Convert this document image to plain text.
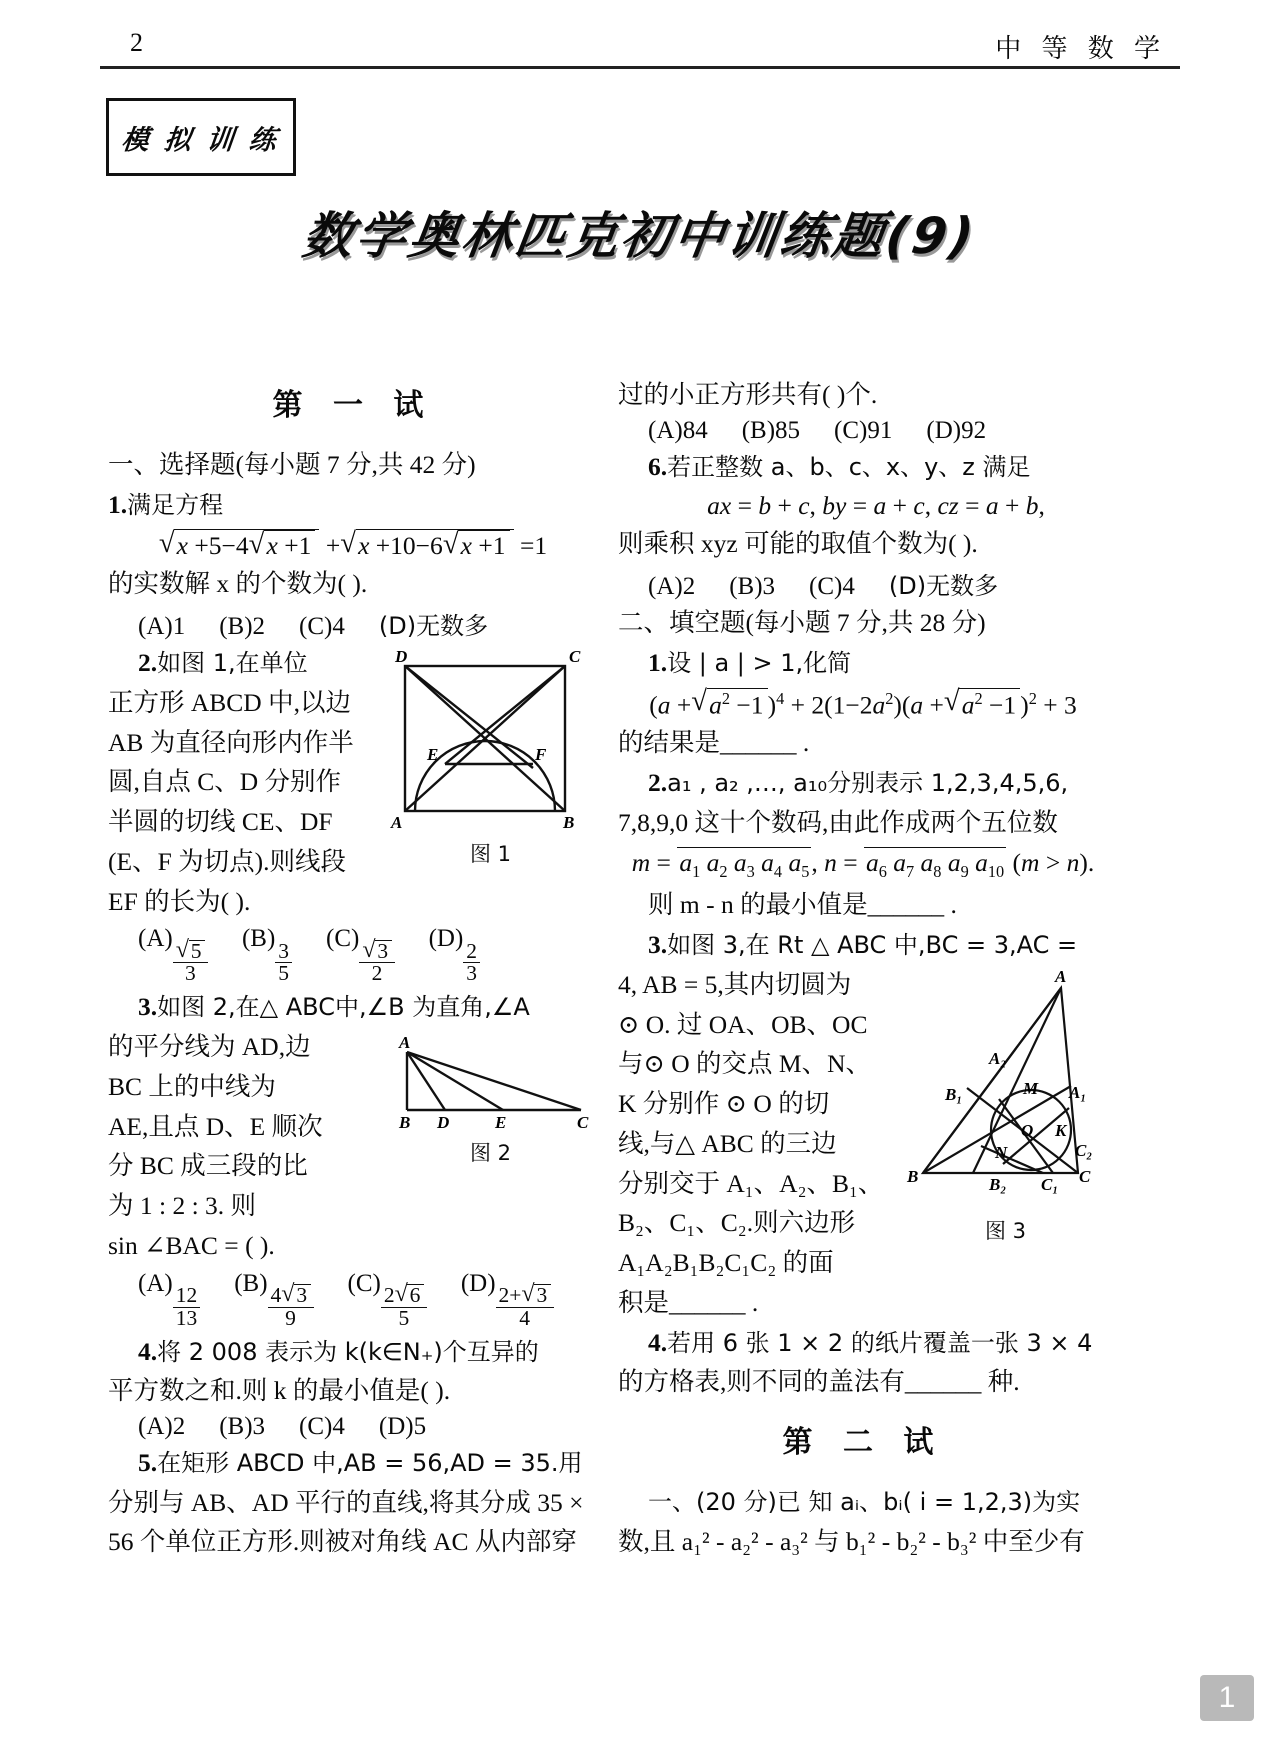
2	中 等 数 学
模 拟 训 练
数学奥林匹克初中训练题(9)
第 一 试

一、选择题(每小题 7 分,共 42 分)

1.满足方程

√ x +5−4 √ x +1 + √ x +10−6 √ x +1 =1

的实数解 x 的个数为( ).

(A)1 (B)2 (C)4 (D)无数多
D	C
A	B
E	F
图 1

2.如图 1,在单位

正方形 ABCD 中,以边

AB 为直径向形内作半

圆,自点 C、D 分别作

半圆的切线 CE、DF

(E、F 为切点).则线段

EF 的长为( ).

(A)
√ $\frac{5}{3}$
(B)
$\frac{3}{5}$
(C)
√ $\frac{3}{2}$
(D)
$\frac{2}{3}$

3.如图 2,在△ ABC中,∠B 为直角,∠A

A
B D	E	C
图 2

的平分线为 AD,边

BC 上的中线为

AE,且点 D、E 顺次

分 BC 成三段的比

为 1 : 2 : 3. 则

sin ∠BAC = ( ).

(A)
$\frac{12}{13}$
(B)
$\frac{4 √ 3}{9}$
(C)
$\frac{2 √ 6}{5}$
(D)
$\frac{2+ √ 3}{4}$

4.将 2 008 表示为 k(k∈N₊)个互异的

平方数之和.则 k 的最小值是( ).

(A)2 (B)3 (C)4 (D)5

5.在矩形 ABCD 中,AB = 56,AD = 35.用

分别与 AB、AD 平行的直线,将其分成 35 ×

56 个单位正方形.则被对角线 AC 从内部穿

过的小正方形共有( )个.

(A)84 (B)85 (C)91 (D)92

6.若正整数 a、b、c、x、y、z 满足

ax = b + c, by = a + c, cz = a + b,

则乘积 xyz 可能的取值个数为( ).

(A)2 (B)3 (C)4 (D)无数多

二、填空题(每小题 7 分,共 28 分)

1.设 | a | > 1,化简

(a + √ $a^2 -1$ )$^4 + 2(1-2a^2)(a$ + √ $a^2 -1$ )$^2$ + 3

的结果是______ .

2.a₁ , a₂ ,…, a₁₀分别表示 1,2,3,4,5,6,

7,8,9,0 这十个数码,由此作成两个五位数

$m = a_1$ $a_2$ $a_3$ $a_4$ $a_5$, $n = a_6$ $a_7$ $a_8$ $a_9$ $a_{10}$ (m > n).

则 m - n 的最小值是______ .

3.如图 3,在 Rt △ ABC 中,BC = 3,AC =

A
B	C
O
M
N
K
A₂
A₁
B₁
B₂ C₁
C₂
图 3

4, AB = 5,其内切圆为

⊙ O. 过 OA、OB、OC

与⊙ O 的交点 M、N、

K 分别作 ⊙ O 的切

线,与△ ABC 的三边

分别交于 A₁、A₂、B₁、

B₂、C₁、C₂.则六边形

A₁A₂B₁B₂C₁C₂ 的面

积是______ .

4.若用 6 张 1 × 2 的纸片覆盖一张 3 × 4

的方格表,则不同的盖法有______ 种.

第 二 试

一、(20 分)已 知 aᵢ、bᵢ( i = 1,2,3)为实

数,且 a₁² - a₂² - a₃² 与 b₁² - b₂² - b₃² 中至少有

1
